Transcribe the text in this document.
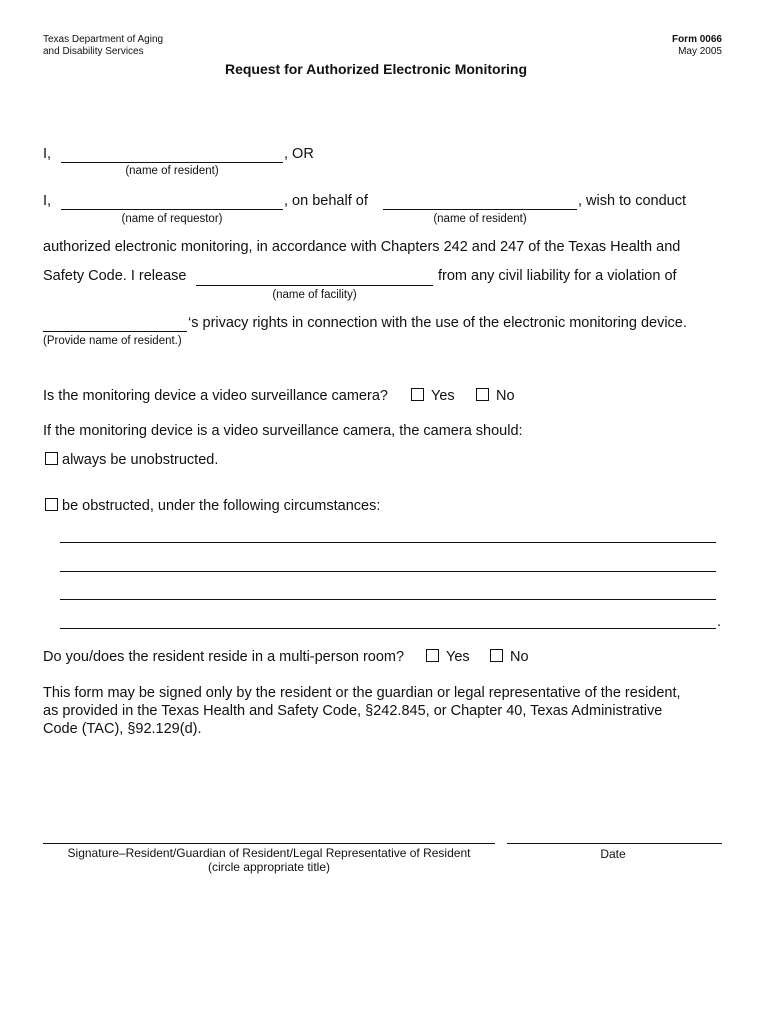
Texas Department of Aging
and Disability Services
Form 0066
May 2005
Request for Authorized Electronic Monitoring
I,	, OR
(name of resident)
I,	, on behalf of	, wish to conduct
(name of requestor)	(name of resident)
authorized electronic monitoring, in accordance with Chapters 242 and 247 of the Texas Health and
Safety Code. I release	from any civil liability for a violation of
(name of facility)
‘s privacy rights in connection with the use of the electronic monitoring device.
(Provide name of resident.)
Is the monitoring device a video surveillance camera?	Yes	No
If the monitoring device is a video surveillance camera, the camera should:
always be unobstructed.
be obstructed, under the following circumstances:
.
Do you/does the resident reside in a multi-person room?	Yes	No
This form may be signed only by the resident or the guardian or legal representative of the resident,
as provided in the Texas Health and Safety Code, §242.845, or Chapter 40, Texas Administrative
Code (TAC), §92.129(d).
Signature–Resident/Guardian of Resident/Legal Representative of Resident
(circle appropriate title)
Date
